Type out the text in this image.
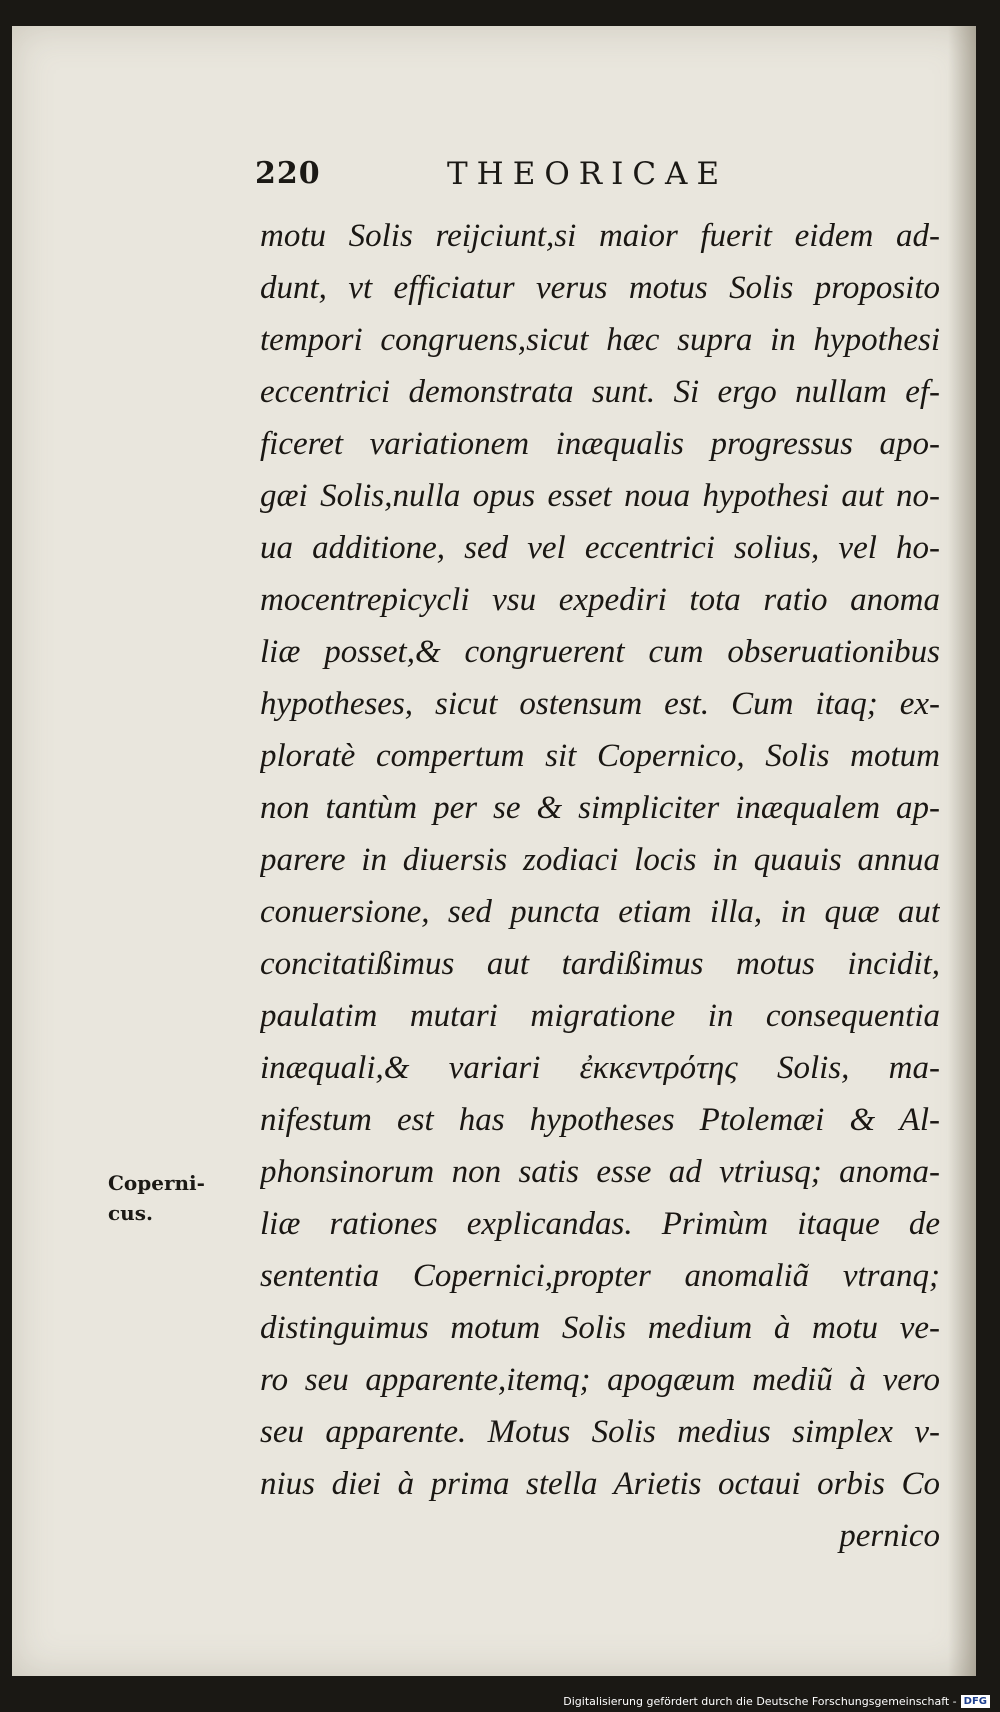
220	THEORICAE
motu Solis reijciunt,si maior fuerit eidem ad-
dunt, vt efficiatur verus motus Solis proposito
tempori congruens,sicut hæc supra in hypothesi
eccentrici demonstrata sunt. Si ergo nullam ef-
ficeret variationem inæqualis progressus apo-
gæi Solis,nulla opus esset noua hypothesi aut no-
ua additione, sed vel eccentrici solius, vel ho-
mocentrepicycli vsu expediri tota ratio anoma
liæ posset,& congruerent cum obseruationibus
hypotheses, sicut ostensum est. Cum itaq; ex-
ploratè compertum sit Copernico, Solis motum
non tantùm per se & simpliciter inæqualem ap-
parere in diuersis zodiaci locis in quauis annua
conuersione, sed puncta etiam illa, in quæ aut
concitatißimus aut tardißimus motus incidit,
paulatim mutari migratione in consequentia
inæquali,& variari ἐκκεντρότης Solis, ma-
nifestum est has hypotheses Ptolemæi & Al-
phonsinorum non satis esse ad vtriusq; anoma-
liæ rationes explicandas. Primùm itaque de
sententia Copernici,propter anomaliã vtranq;
distinguimus motum Solis medium à motu ve-
ro seu apparente,itemq; apogæum mediũ à vero
seu apparente. Motus Solis medius simplex v-
nius diei à prima stella Arietis octaui orbis Co
pernico
Coperni-
cus.
Digitalisierung gefördert durch die Deutsche Forschungsgemeinschaft - DFG
